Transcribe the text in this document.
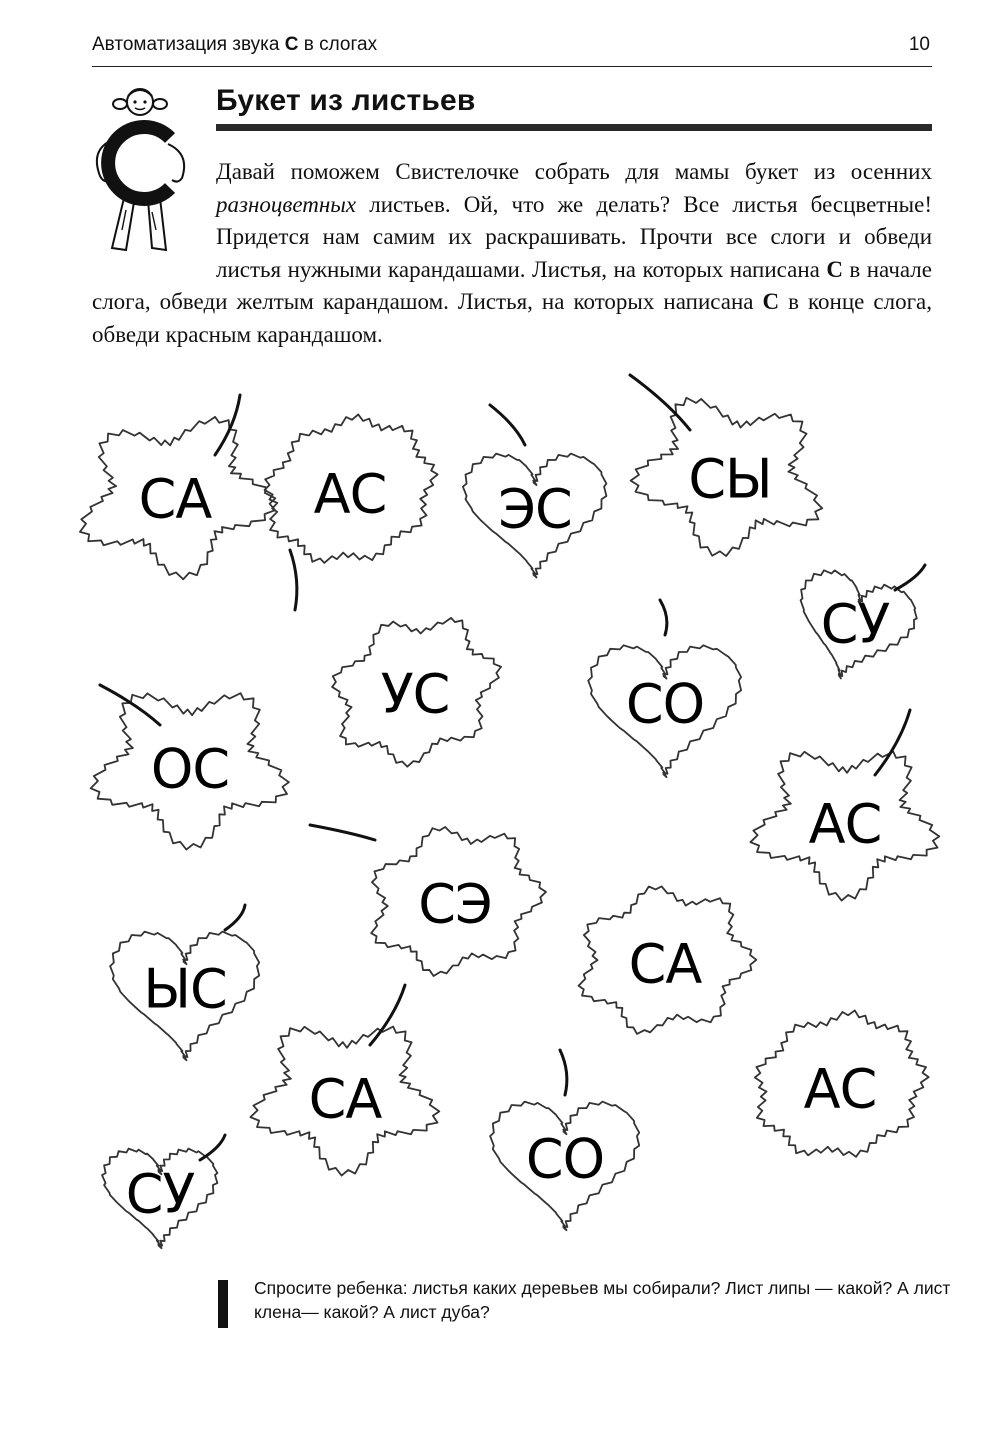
Автоматизация звука С в слогах	10
Букет из листьев
Давай поможем Свистелочке собрать для мамы букет из осенних разноцветных листьев. Ой, что же делать? Все листья бесцветные! Придется нам самим их раскрашивать. Прочти все слоги и обведи листья нужными карандашами. Листья, на которых написана С в начале слога, обведи желтым карандашом. Листья, на которых написана С в конце слога, обведи красным карандашом.
СА АС ЭС СЫ
СУ
УС	СО
ОС
АС
СЭ
ЫС	СА
СА	АС
СО
СУ
Спросите ребенка: листья каких деревьев мы собирали? Лист липы — какой? А лист клена— какой? А лист дуба?
